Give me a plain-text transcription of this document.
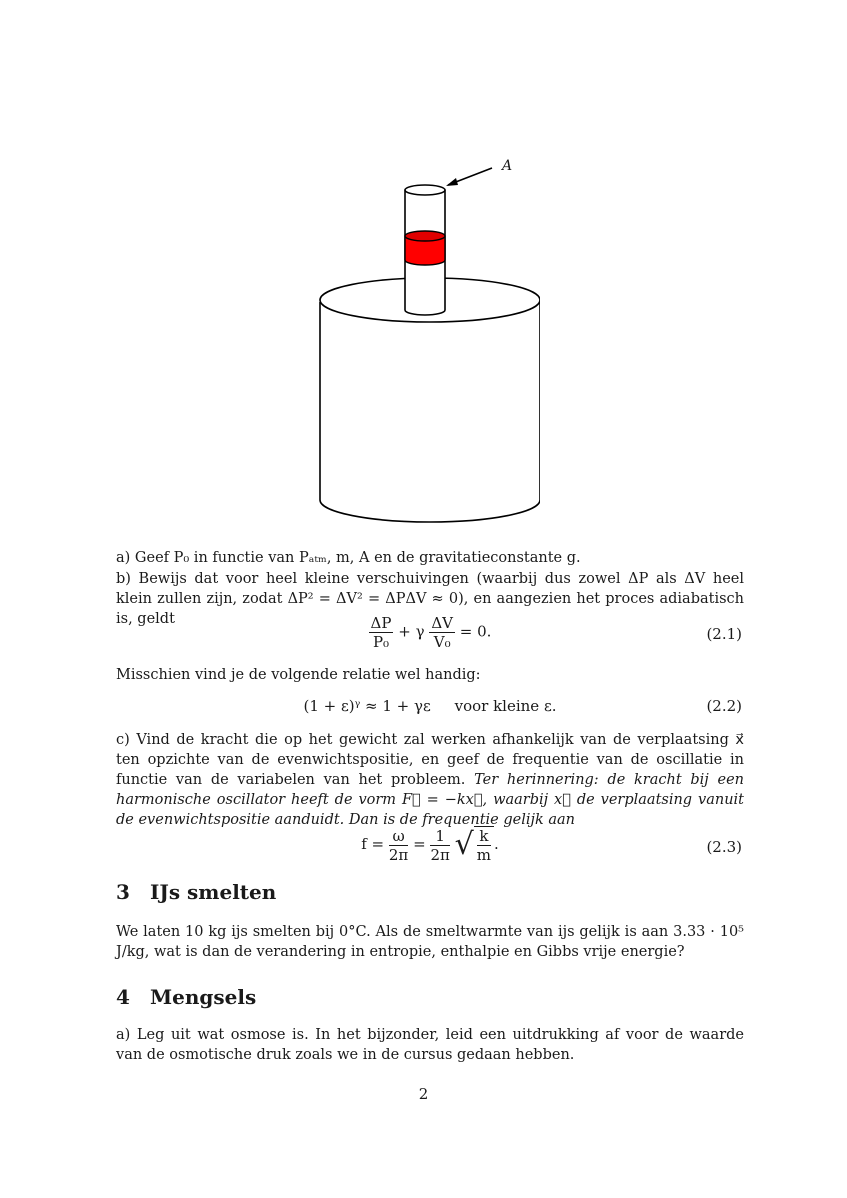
A
a) Geef P₀ in functie van Pₐₜₘ, m, A en de gravitatieconstante g.
b) Bewijs dat voor heel kleine verschuivingen (waarbij dus zowel ΔP als ΔV heel klein zullen zijn, zodat ΔP² = ΔV² = ΔPΔV ≈ 0), en aangezien het proces adiabatisch is, geldt	$\frac{\Delta P}{\text{P₀}} + \gamma \frac{\Delta V}{\text{V₀}} = 0$.	(2.1)
Misschien vind je de volgende relatie wel handig:
(1 + ε)ᵞ ≈ 1 + γε voor kleine ε.	(2.2)
c) Vind de kracht die op het gewicht zal werken afhankelijk van de verplaatsing x⃗ ten opzichte van de evenwichtspositie, en geef de frequentie van de oscillatie in functie van de variabelen van het probleem. Ter herinnering: de kracht bij een harmonische oscillator heeft de vorm F⃗ = −kx⃗, waarbij x⃗ de verplaatsing vanuit de evenwichtspositie aanduidt. Dan is de frequentie gelijk aan
$f = \frac{\omega}{2\pi} = \frac{1}{2\pi}$ √ $\frac{k}{m}$ .	(2.3)
3 IJs smelten
We laten 10 kg ijs smelten bij 0°C. Als de smeltwarmte van ijs gelijk is aan 3.33 · 10⁵ J/kg, wat is dan de verandering in entropie, enthalpie en Gibbs vrije energie?
4 Mengsels
a) Leg uit wat osmose is. In het bijzonder, leid een uitdrukking af voor de waarde van de osmotische druk zoals we in de cursus gedaan hebben.
2
